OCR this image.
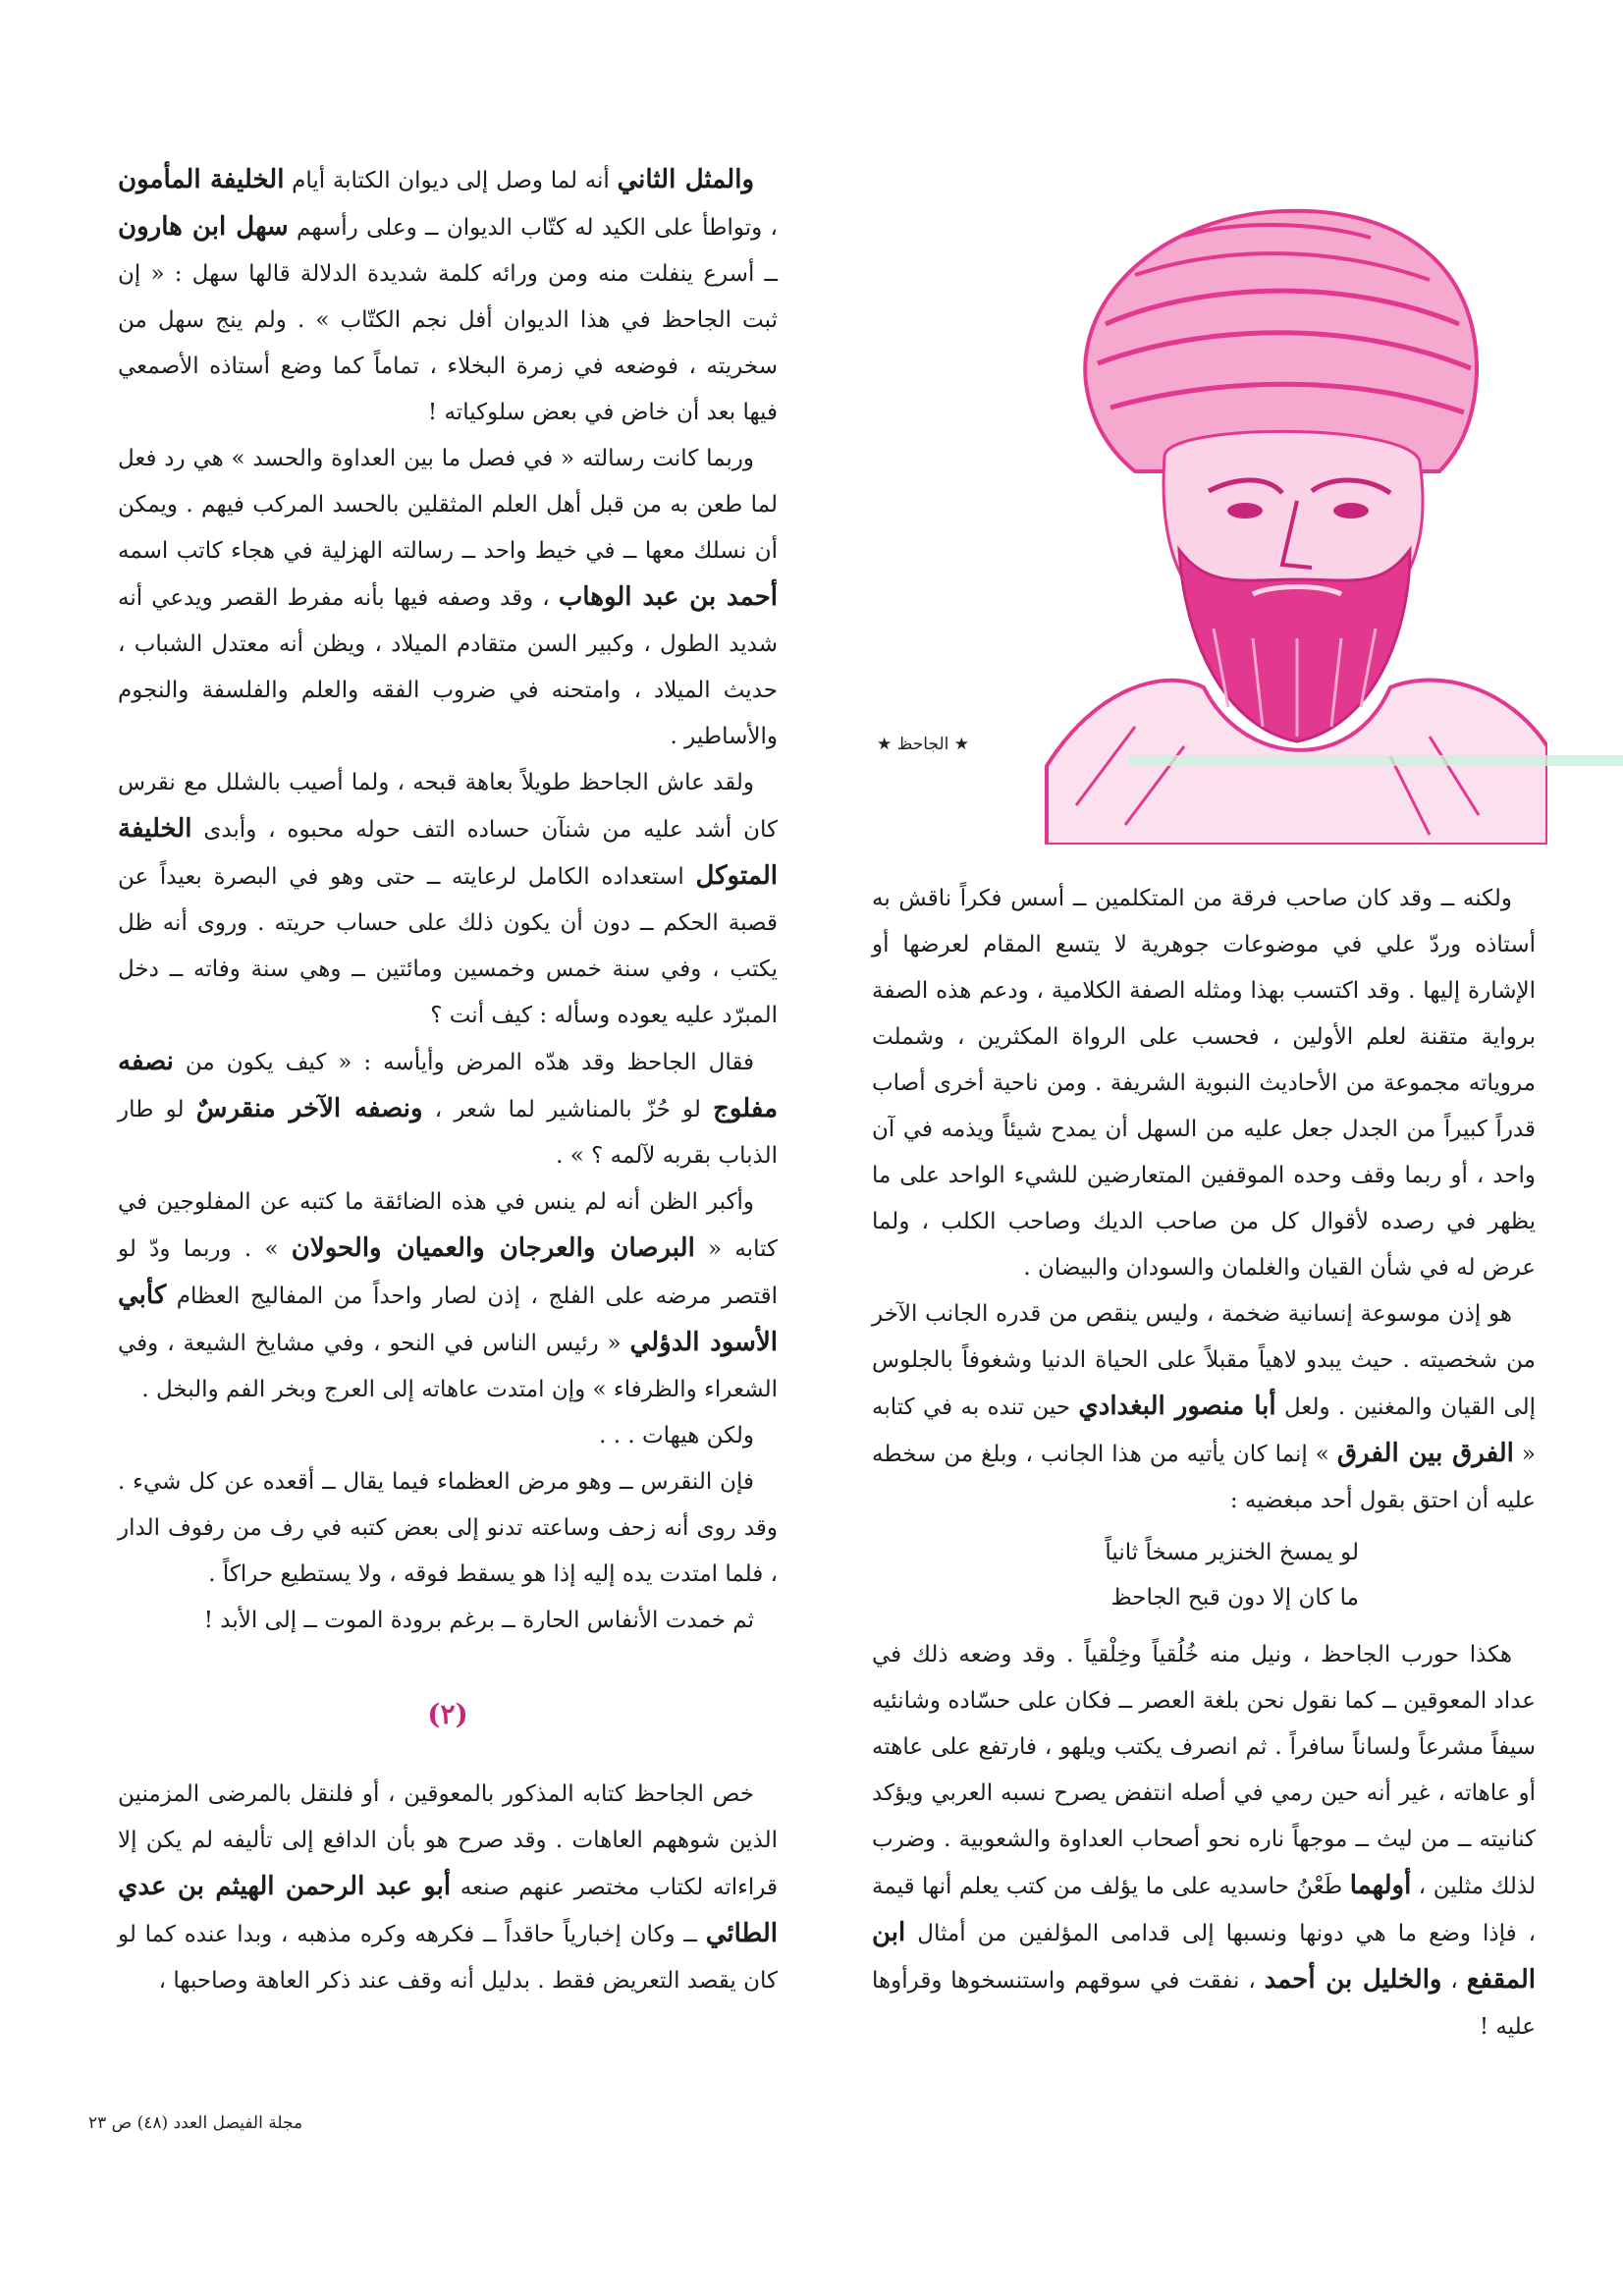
★ الجاحظ ★

والمثل الثاني أنه لما وصل إلى ديوان الكتابة أيام الخليفة المأمون ، وتواطأ على الكيد له كتّاب الديوان ــ وعلى رأسهم سهل ابن هارون ــ أسرع ينفلت منه ومن ورائه كلمة شديدة الدلالة قالها سهل : « إن ثبت الجاحظ في هذا الديوان أفل نجم الكتّاب » . ولم ينج سهل من سخريته ، فوضعه في زمرة البخلاء ، تماماً كما وضع أستاذه الأصمعي فيها بعد أن خاض في بعض سلوكياته !

وربما كانت رسالته « في فصل ما بين العداوة والحسد » هي رد فعل لما طعن به من قبل أهل العلم المثقلين بالحسد المركب فيهم . ويمكن أن نسلك معها ــ في خيط واحد ــ رسالته الهزلية في هجاء كاتب اسمه أحمد بن عبد الوهاب ، وقد وصفه فيها بأنه مفرط القصر ويدعي أنه شديد الطول ، وكبير السن متقادم الميلاد ، ويظن أنه معتدل الشباب ، حديث الميلاد ، وامتحنه في ضروب الفقه والعلم والفلسفة والنجوم والأساطير .

ولقد عاش الجاحظ طويلاً بعاهة قبحه ، ولما أصيب بالشلل مع نقرس كان أشد عليه من شنآن حساده التف حوله محبوه ، وأبدى الخليفة المتوكل استعداده الكامل لرعايته ــ حتى وهو في البصرة بعيداً عن قصبة الحكم ــ دون أن يكون ذلك على حساب حريته . وروى أنه ظل يكتب ، وفي سنة خمس وخمسين ومائتين ــ وهي سنة وفاته ــ دخل المبرّد عليه يعوده وسأله : كيف أنت ؟

فقال الجاحظ وقد هدّه المرض وأيأسه : « كيف يكون من نصفه مفلوج لو حُزّ بالمناشير لما شعر ، ونصفه الآخر منقرسٌ لو طار الذباب بقربه لآلمه ؟ » .

وأكبر الظن أنه لم ينس في هذه الضائقة ما كتبه عن المفلوجين في كتابه « البرصان والعرجان والعميان والحولان » . وربما ودّ لو اقتصر مرضه على الفلج ، إذن لصار واحداً من المفاليج العظام كأبي الأسود الدؤلي « رئيس الناس في النحو ، وفي مشايخ الشيعة ، وفي الشعراء والظرفاء » وإن امتدت عاهاته إلى العرج وبخر الفم والبخل .

ولكن هيهات . . .

فإن النقرس ــ وهو مرض العظماء فيما يقال ــ أقعده عن كل شيء . وقد روى أنه زحف وساعته تدنو إلى بعض كتبه في رف من رفوف الدار ، فلما امتدت يده إليه إذا هو يسقط فوقه ، ولا يستطيع حراكاً .

ثم خمدت الأنفاس الحارة ــ برغم برودة الموت ــ إلى الأبد !

(٢)

خص الجاحظ كتابه المذكور بالمعوقين ، أو فلنقل بالمرضى المزمنين الذين شوههم العاهات . وقد صرح هو بأن الدافع إلى تأليفه لم يكن إلا قراءاته لكتاب مختصر عنهم صنعه أبو عبد الرحمن الهيثم بن عدي الطائي ــ وكان إخبارياً حاقداً ــ فكرهه وكره مذهبه ، وبدا عنده كما لو كان يقصد التعريض فقط . بدليل أنه وقف عند ذكر العاهة وصاحبها ،

ولكنه ــ وقد كان صاحب فرقة من المتكلمين ــ أسس فكراً ناقش به أستاذه وردّ علي في موضوعات جوهرية لا يتسع المقام لعرضها أو الإشارة إليها . وقد اكتسب بهذا ومثله الصفة الكلامية ، ودعم هذه الصفة برواية متقنة لعلم الأولين ، فحسب على الرواة المكثرين ، وشملت مروياته مجموعة من الأحاديث النبوية الشريفة . ومن ناحية أخرى أصاب قدراً كبيراً من الجدل جعل عليه من السهل أن يمدح شيئاً ويذمه في آن واحد ، أو ربما وقف وحده الموقفين المتعارضين للشيء الواحد على ما يظهر في رصده لأقوال كل من صاحب الديك وصاحب الكلب ، ولما عرض له في شأن القيان والغلمان والسودان والبيضان .

هو إذن موسوعة إنسانية ضخمة ، وليس ينقص من قدره الجانب الآخر من شخصيته . حيث يبدو لاهياً مقبلاً على الحياة الدنيا وشغوفاً بالجلوس إلى القيان والمغنين . ولعل أبا منصور البغدادي حين تنده به في كتابه « الفرق بين الفرق » إنما كان يأتيه من هذا الجانب ، وبلغ من سخطه عليه أن احتق بقول أحد مبغضيه :

لو يمسخ الخنزير مسخاً ثانياً
ما كان إلا دون قبح الجاحظ

هكذا حورب الجاحظ ، ونيل منه خُلُقياً وخِلْقياً . وقد وضعه ذلك في عداد المعوقين ــ كما نقول نحن بلغة العصر ــ فكان على حسّاده وشانئيه سيفاً مشرعاً ولساناً سافراً . ثم انصرف يكتب ويلهو ، فارتفع على عاهته أو عاهاته ، غير أنه حين رمي في أصله انتفض يصرح نسبه العربي ويؤكد كنانيته ــ من ليث ــ موجهاً ناره نحو أصحاب العداوة والشعوبية . وضرب لذلك مثلين ، أولهما طَعْنُ حاسديه على ما يؤلف من كتب يعلم أنها قيمة ، فإذا وضع ما هي دونها ونسبها إلى قدامى المؤلفين من أمثال ابن المقفع ، والخليل بن أحمد ، نفقت في سوقهم واستنسخوها وقرأوها عليه !

مجلة الفيصل العدد (٤٨) ص ٢٣
